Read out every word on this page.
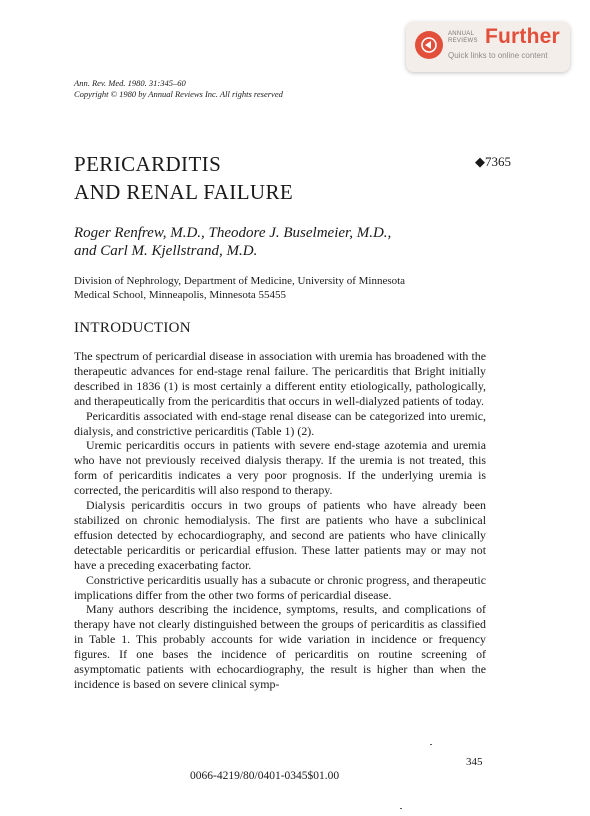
ANNUAL
REVIEWS Further
Quick links to online content
Ann. Rev. Med. 1980. 31:345–60
Copyright © 1980 by Annual Reviews Inc. All rights reserved
PERICARDITIS
AND RENAL FAILURE
◆7365
Roger Renfrew, M.D., Theodore J. Buselmeier, M.D.,
and Carl M. Kjellstrand, M.D.
Division of Nephrology, Department of Medicine, University of Minnesota
Medical School, Minneapolis, Minnesota 55455
INTRODUCTION

The spectrum of pericardial disease in association with uremia has broadened with the therapeutic advances for end-stage renal failure. The pericarditis that Bright initially described in 1836 (1) is most certainly a different entity etiologically, pathologically, and therapeutically from the pericarditis that occurs in well-dialyzed patients of today.

Pericarditis associated with end-stage renal disease can be categorized into uremic, dialysis, and constrictive pericarditis (Table 1) (2).

Uremic pericarditis occurs in patients with severe end-stage azotemia and uremia who have not previously received dialysis therapy. If the uremia is not treated, this form of pericarditis indicates a very poor prognosis. If the underlying uremia is corrected, the pericarditis will also respond to therapy.

Dialysis pericarditis occurs in two groups of patients who have already been stabilized on chronic hemodialysis. The first are patients who have a subclinical effusion detected by echocardiography, and second are patients who have clinically detectable pericarditis or pericardial effusion. These latter patients may or may not have a preceding exacerbating factor.

Constrictive pericarditis usually has a subacute or chronic progress, and therapeutic implications differ from the other two forms of pericardial disease.

Many authors describing the incidence, symptoms, results, and complications of therapy have not clearly distinguished between the groups of pericarditis as classified in Table 1. This probably accounts for wide variation in incidence or frequency figures. If one bases the incidence of pericarditis on routine screening of asymptomatic patients with echocardiography, the result is higher than when the incidence is based on severe clinical symp-

345
0066-4219/80/0401-0345$01.00
